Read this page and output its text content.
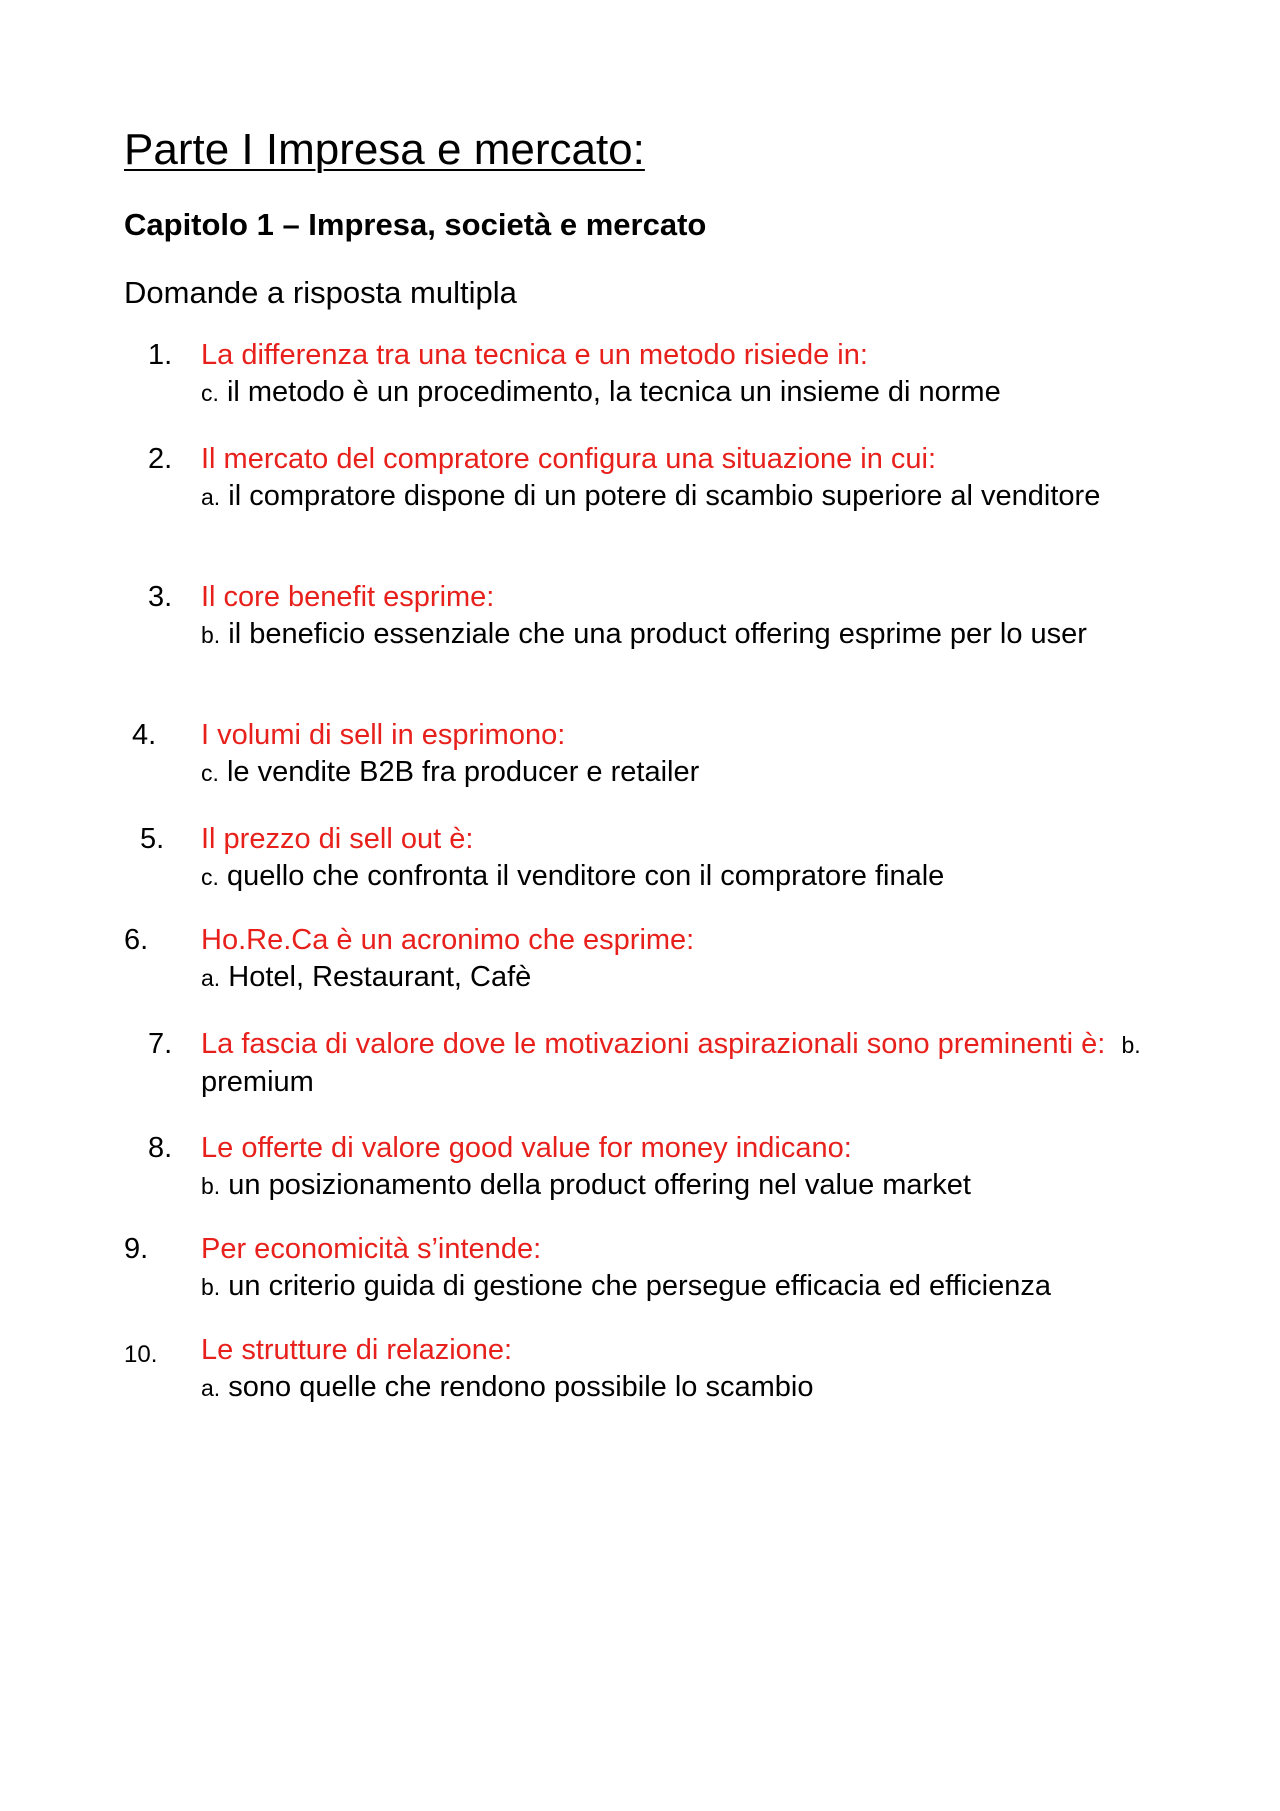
Parte I Impresa e mercato:
Capitolo 1 – Impresa, società e mercato
Domande a risposta multipla
1. La differenza tra una tecnica e un metodo risiede in:
c. il metodo è un procedimento, la tecnica un insieme di norme
2. Il mercato del compratore configura una situazione in cui:
a. il compratore dispone di un potere di scambio superiore al venditore
3. Il core benefit esprime:
b. il beneficio essenziale che una product offering esprime per lo user
4. I volumi di sell in esprimono:
c. le vendite B2B fra producer e retailer
5. Il prezzo di sell out è:
c. quello che confronta il venditore con il compratore finale
6. Ho.Re.Ca è un acronimo che esprime:
a. Hotel, Restaurant, Cafè
7. La fascia di valore dove le motivazioni aspirazionali sono preminenti è: b. premium
8. Le offerte di valore good value for money indicano:
b. un posizionamento della product offering nel value market
9. Per economicità s’intende:
b. un criterio guida di gestione che persegue efficacia ed efficienza
10. Le strutture di relazione:
a. sono quelle che rendono possibile lo scambio
